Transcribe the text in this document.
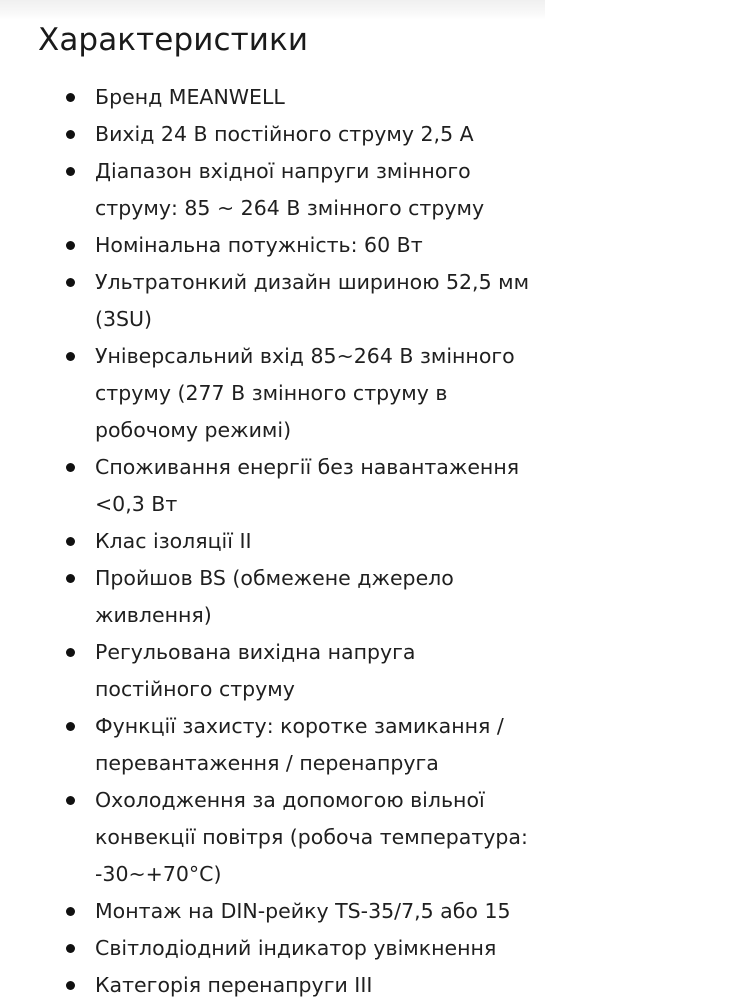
Характеристики
Бренд MEANWELL
Вихід 24 В постійного струму 2,5 А
Діапазон вхідної напруги змінного струму: 85 ~ 264 В змінного струму
Номінальна потужність: 60 Вт
Ультратонкий дизайн шириною 52,5 мм (3SU)
Універсальний вхід 85~264 В змінного струму (277 В змінного струму в робочому режимі)
Споживання енергії без навантаження <0,3 Вт
Клас ізоляції II
Пройшов BS (обмежене джерело живлення)
Регульована вихідна напруга постійного струму
Функції захисту: коротке замикання / перевантаження / перенапруга
Охолодження за допомогою вільної конвекції повітря (робоча температура: -30~+70°C)
Монтаж на DIN-рейку TS-35/7,5 або 15
Світлодіодний індикатор увімкнення
Категорія перенапруги III
